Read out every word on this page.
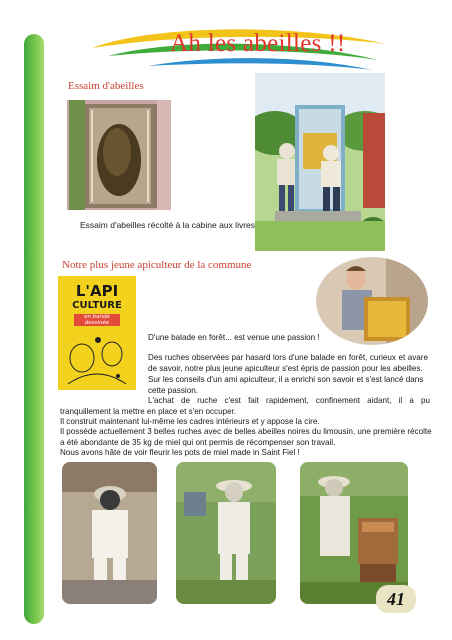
Ah les abeilles !!
Essaim d'abeilles
Essaim d'abeilles récolté à la cabine aux livres
Notre plus jeune apiculteur de la commune
L'API
CULTURE
en bande dessinée
D'une balade en forêt... est venue une passion !
Des ruches observées par hasard lors d'une balade en forêt, curieux et avare de savoir, notre plus jeune apiculteur s'est épris de passion pour les abeilles.
Sur les conseils d'un ami apiculteur, il a enrichi son savoir et s'est lancé dans cette passion.
L'achat de ruche c'est fait rapidement, confinement aidant, il a pu tranquillement la mettre en place et s'en occuper.
Il construit maintenant lui-même les cadres intérieurs et y appose la cire.
Il possède actuellement 3 belles ruches avec de belles abeilles noires du limousin, une première récolte a été abondante de 35 kg de miel qui ont permis de récompenser son travail.
Nous avons hâte de voir fleurir les pots de miel made in Saint Fiel !
41
